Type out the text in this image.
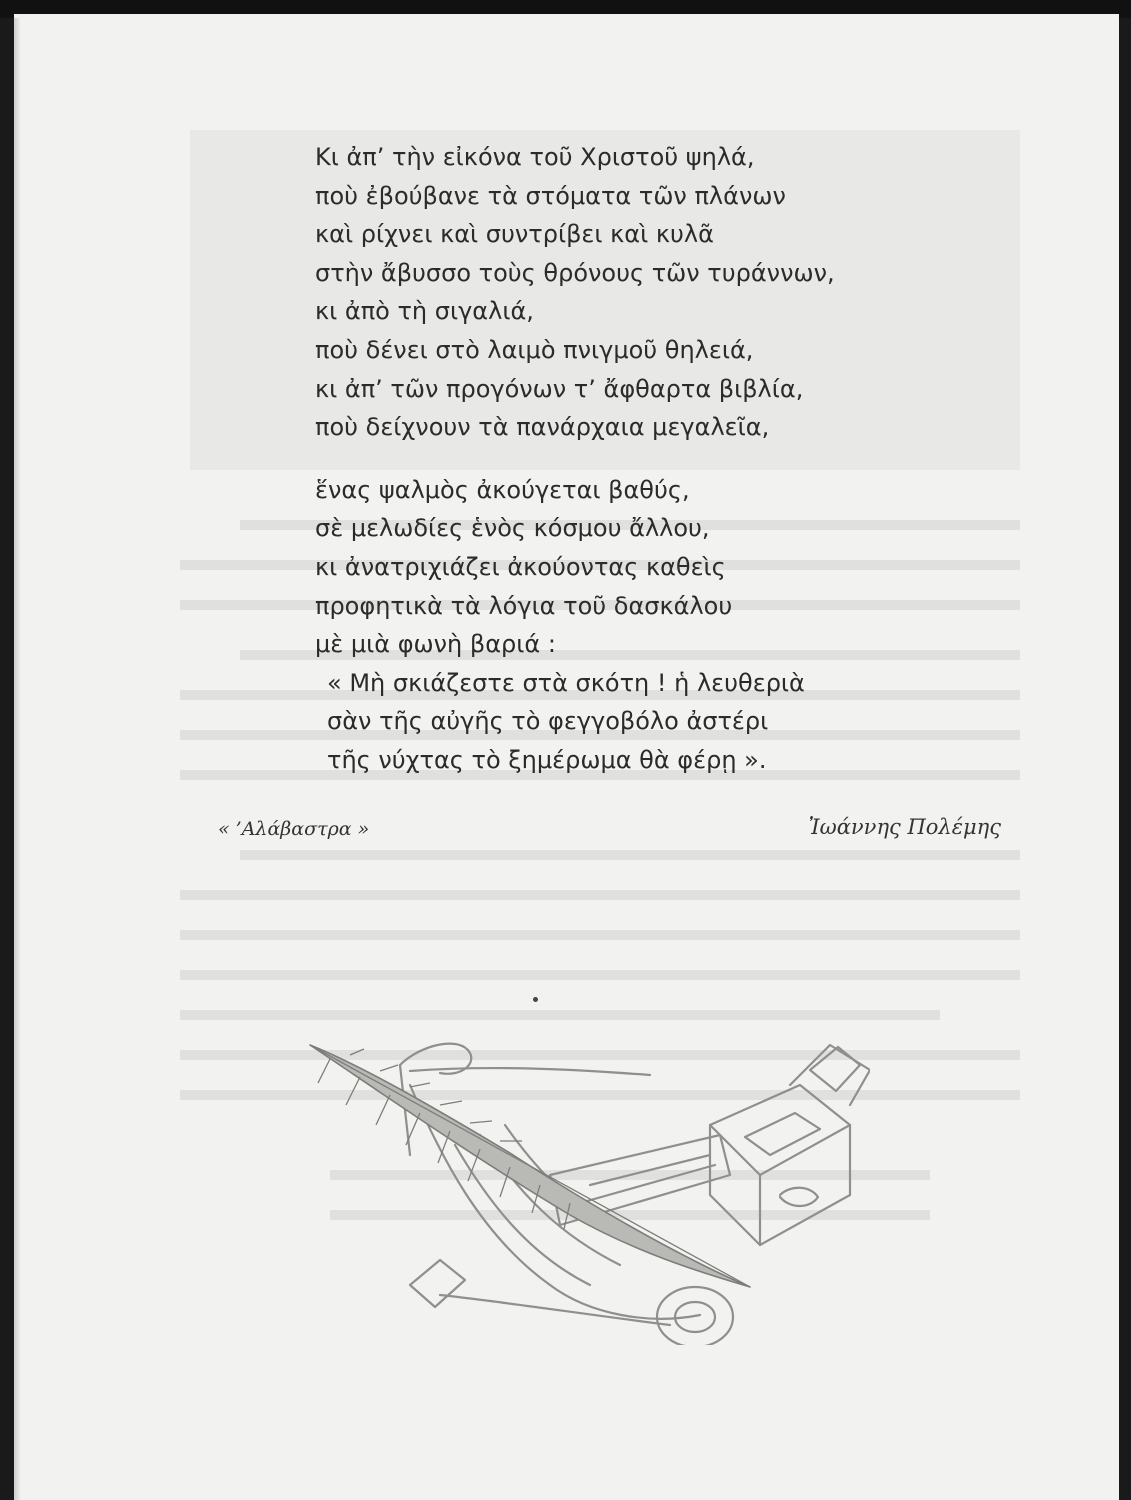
Κι ἀπ’ τὴν εἰκόνα τοῦ Χριστοῦ ψηλά,
ποὺ ἐβούβανε τὰ στόματα τῶν πλάνων
καὶ ρίχνει καὶ συντρίβει καὶ κυλᾶ
στὴν ἄβυσσο τοὺς θρόνους τῶν τυράννων,
κι ἀπὸ τὴ σιγαλιά,
ποὺ δένει στὸ λαιμὸ πνιγμοῦ θηλειά,
κι ἀπ’ τῶν προγόνων τ’ ἄφθαρτα βιβλία,
ποὺ δείχνουν τὰ πανάρχαια μεγαλεῖα,
ἕνας ψαλμὸς ἀκούγεται βαθύς,
σὲ μελωδίες ἑνὸς κόσμου ἄλλου,
κι ἀνατριχιάζει ἀκούοντας καθεὶς
προφητικὰ τὰ λόγια τοῦ δασκάλου
μὲ μιὰ φωνὴ βαριά :
« Μὴ σκιάζεστε στὰ σκότη ! ἡ λευθεριὰ
σὰν τῆς αὐγῆς τὸ φεγγοβόλο ἀστέρι
τῆς νύχτας τὸ ξημέρωμα θὰ φέρῃ ».
« ’Αλάβαστρα »	Ἰωάννης Πολέμης
